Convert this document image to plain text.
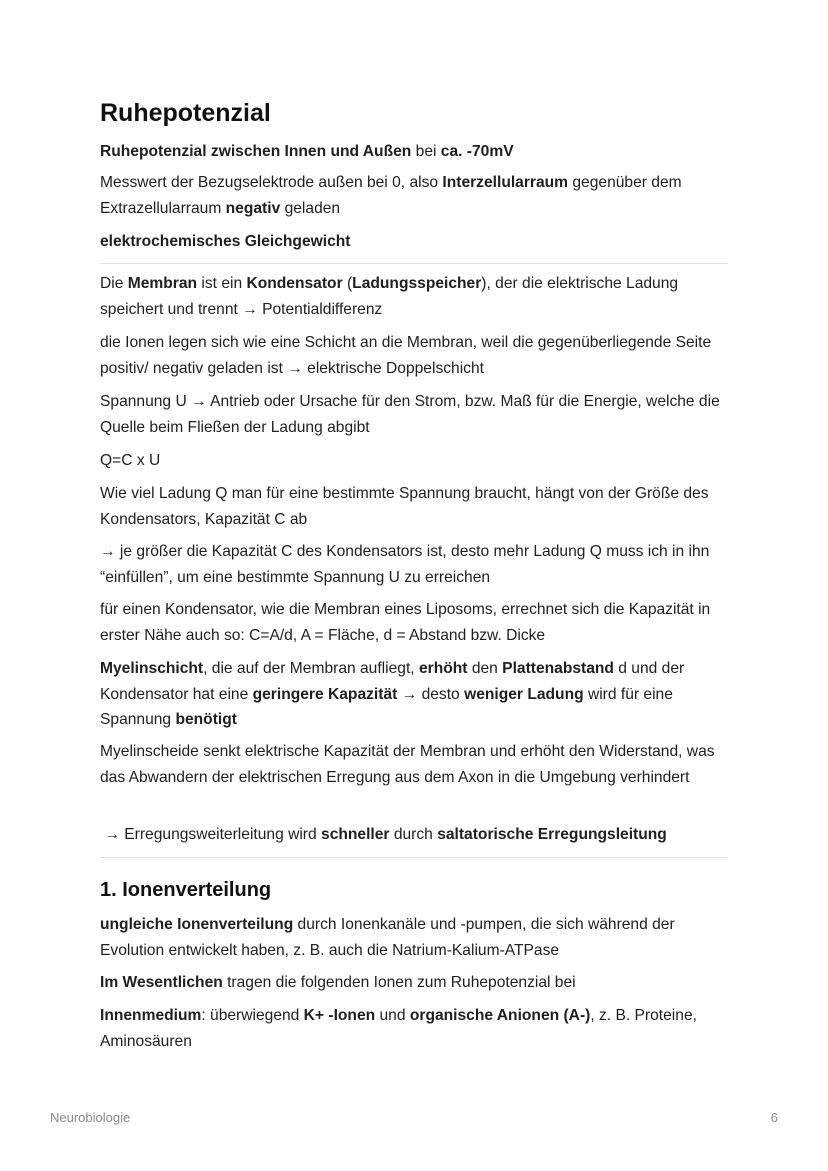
Ruhepotenzial

Ruhepotenzial zwischen Innen und Außen bei ca. -70mV

Messwert der Bezugselektrode außen bei 0, also Interzellularraum gegenüber dem Extrazellularraum negativ geladen

elektrochemisches Gleichgewicht

Die Membran ist ein Kondensator (Ladungsspeicher), der die elektrische Ladung speichert und trennt → Potentialdifferenz

die Ionen legen sich wie eine Schicht an die Membran, weil die gegenüberliegende Seite positiv/ negativ geladen ist → elektrische Doppelschicht

Spannung U → Antrieb oder Ursache für den Strom, bzw. Maß für die Energie, welche die Quelle beim Fließen der Ladung abgibt

Q=C x U

Wie viel Ladung Q man für eine bestimmte Spannung braucht, hängt von der Größe des Kondensators, Kapazität C ab

→ je größer die Kapazität C des Kondensators ist, desto mehr Ladung Q muss ich in ihn “einfüllen”, um eine bestimmte Spannung U zu erreichen

für einen Kondensator, wie die Membran eines Liposoms, errechnet sich die Kapazität in erster Nähe auch so: C=A/d, A = Fläche, d = Abstand bzw. Dicke

Myelinschicht, die auf der Membran aufliegt, erhöht den Plattenabstand d und der Kondensator hat eine geringere Kapazität → desto weniger Ladung wird für eine Spannung benötigt

Myelinscheide senkt elektrische Kapazität der Membran und erhöht den Widerstand, was das Abwandern der elektrischen Erregung aus dem Axon in die Umgebung verhindert

→ Erregungsweiterleitung wird schneller durch saltatorische Erregungsleitung

1. Ionenverteilung

ungleiche Ionenverteilung durch Ionenkanäle und -pumpen, die sich während der Evolution entwickelt haben, z. B. auch die Natrium-Kalium-ATPase

Im Wesentlichen tragen die folgenden Ionen zum Ruhepotenzial bei

Innenmedium: überwiegend K+ -Ionen und organische Anionen (A-), z. B. Proteine, Aminosäuren

Neurobiologie	6
